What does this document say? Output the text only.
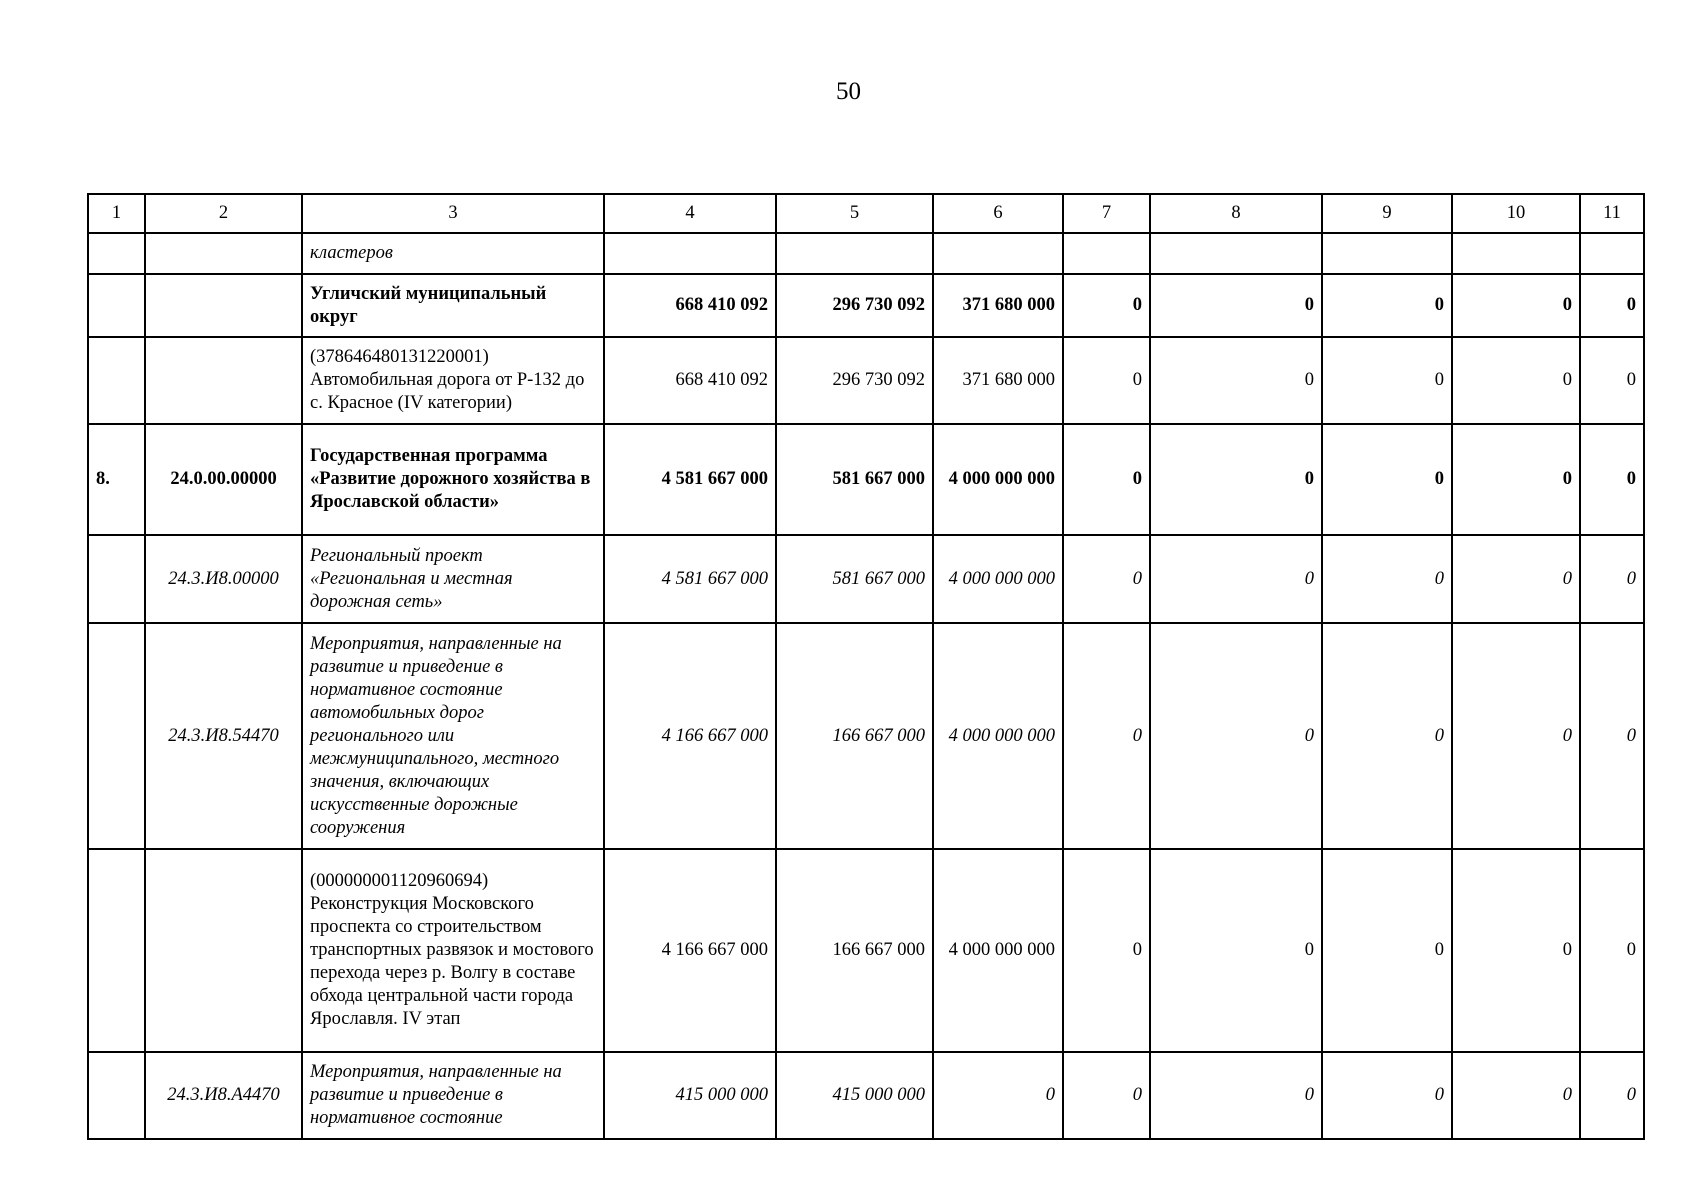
50
1	2	3	4	5	6	7	8	9	10	11
		кластеров								
		Угличский муниципальный округ	668 410 092	296 730 092	371 680 000	0	0	0	0	0
		(378646480131220001) Автомобильная дорога от Р-132 до с. Красное (IV категории)	668 410 092	296 730 092	371 680 000	0	0	0	0	0
8.	24.0.00.00000	Государственная программа «Развитие дорожного хозяйства в Ярославской области»	4 581 667 000	581 667 000	4 000 000 000	0	0	0	0	0
	24.3.И8.00000	Региональный проект «Региональная и местная дорожная сеть»	4 581 667 000	581 667 000	4 000 000 000	0	0	0	0	0
	24.3.И8.54470	Мероприятия, направленные на развитие и приведение в нормативное состояние автомобильных дорог регионального или межмуниципального, местного значения, включающих искусственные дорожные сооружения	4 166 667 000	166 667 000	4 000 000 000	0	0	0	0	0
		(000000001120960694) Реконструкция Московского проспекта со строительством транспортных развязок и мостового перехода через р. Волгу в составе обхода центральной части города Ярославля. IV этап	4 166 667 000	166 667 000	4 000 000 000	0	0	0	0	0
	24.3.И8.А4470	Мероприятия, направленные на развитие и приведение в нормативное состояние	415 000 000	415 000 000	0	0	0	0	0	0
